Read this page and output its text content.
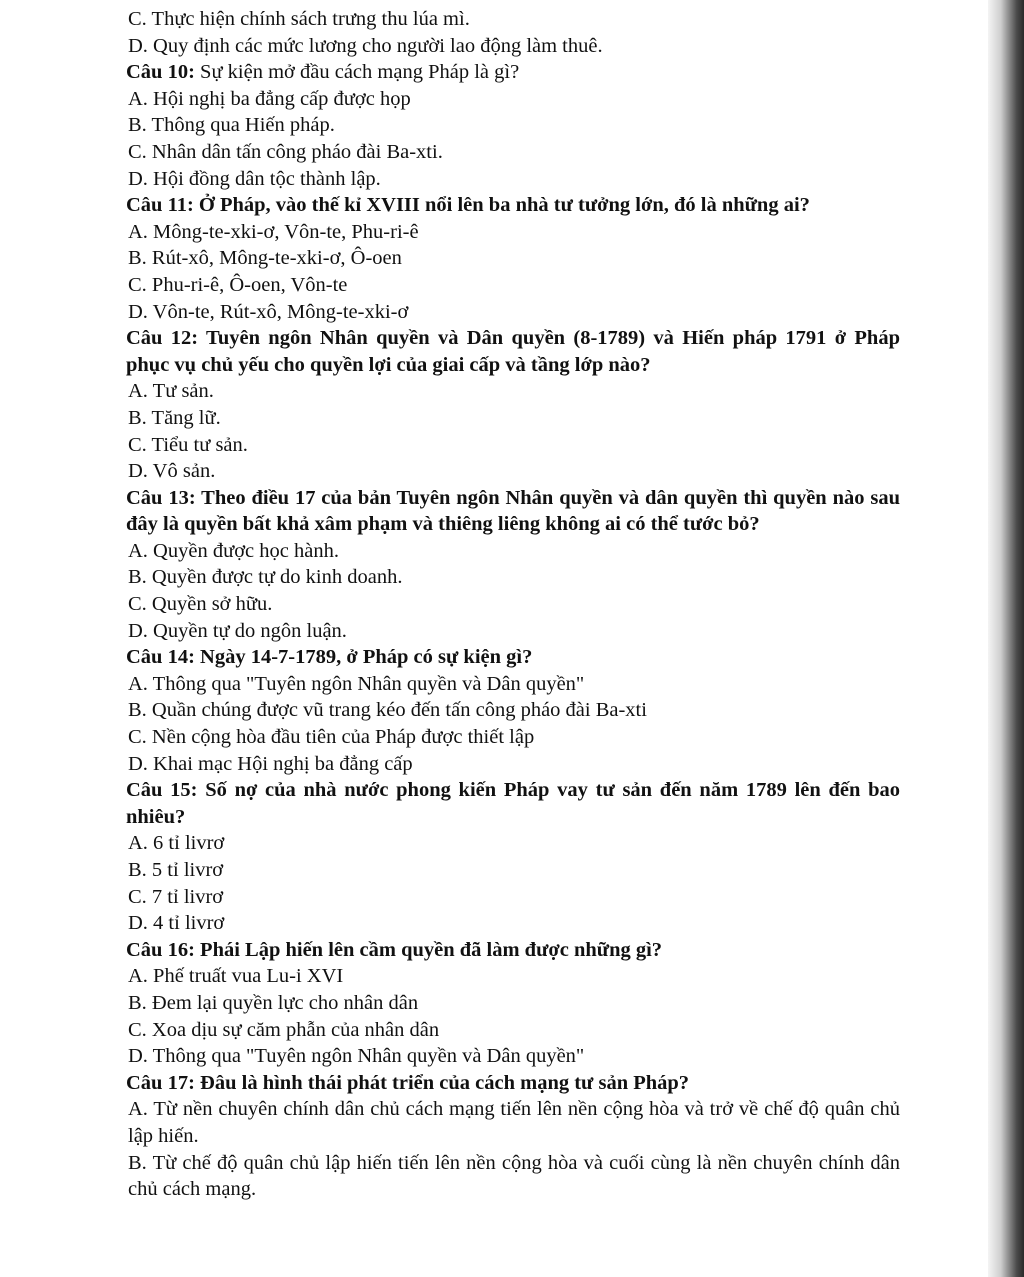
C. Thực hiện chính sách trưng thu lúa mì.
D. Quy định các mức lương cho người lao động làm thuê.
Câu 10: Sự kiện mở đầu cách mạng Pháp là gì?
A. Hội nghị ba đẳng cấp được họp
B. Thông qua Hiến pháp.
C. Nhân dân tấn công pháo đài Ba-xti.
D. Hội đồng dân tộc thành lập.
Câu 11: Ở Pháp, vào thế kỉ XVIII nổi lên ba nhà tư tưởng lớn, đó là những ai?
A. Mông-te-xki-ơ, Vôn-te, Phu-ri-ê
B. Rút-xô, Mông-te-xki-ơ, Ô-oen
C. Phu-ri-ê, Ô-oen, Vôn-te
D. Vôn-te, Rút-xô, Mông-te-xki-ơ
Câu 12: Tuyên ngôn Nhân quyền và Dân quyền (8-1789) và Hiến pháp 1791 ở Pháp phục vụ chủ yếu cho quyền lợi của giai cấp và tầng lớp nào?
A. Tư sản.
B. Tăng lữ.
C. Tiểu tư sản.
D. Vô sản.
Câu 13: Theo điều 17 của bản Tuyên ngôn Nhân quyền và dân quyền thì quyền nào sau đây là quyền bất khả xâm phạm và thiêng liêng không ai có thể tước bỏ?
A. Quyền được học hành.
B. Quyền được tự do kinh doanh.
C. Quyền sở hữu.
D. Quyền tự do ngôn luận.
Câu 14: Ngày 14-7-1789, ở Pháp có sự kiện gì?
A. Thông qua "Tuyên ngôn Nhân quyền và Dân quyền"
B. Quần chúng được vũ trang kéo đến tấn công pháo đài Ba-xti
C. Nền cộng hòa đầu tiên của Pháp được thiết lập
D. Khai mạc Hội nghị ba đẳng cấp
Câu 15: Số nợ của nhà nước phong kiến Pháp vay tư sản đến năm 1789 lên đến bao nhiêu?
A. 6 tỉ livrơ
B. 5 tỉ livrơ
C. 7 tỉ livrơ
D. 4 tỉ livrơ
Câu 16: Phái Lập hiến lên cầm quyền đã làm được những gì?
A. Phế truất vua Lu-i XVI
B. Đem lại quyền lực cho nhân dân
C. Xoa dịu sự căm phẫn của nhân dân
D. Thông qua "Tuyên ngôn Nhân quyền và Dân quyền"
Câu 17: Đâu là hình thái phát triển của cách mạng tư sản Pháp?
A. Từ nền chuyên chính dân chủ cách mạng tiến lên nền cộng hòa và trở về chế độ quân chủ lập hiến.
B. Từ chế độ quân chủ lập hiến tiến lên nền cộng hòa và cuối cùng là nền chuyên chính dân chủ cách mạng.
